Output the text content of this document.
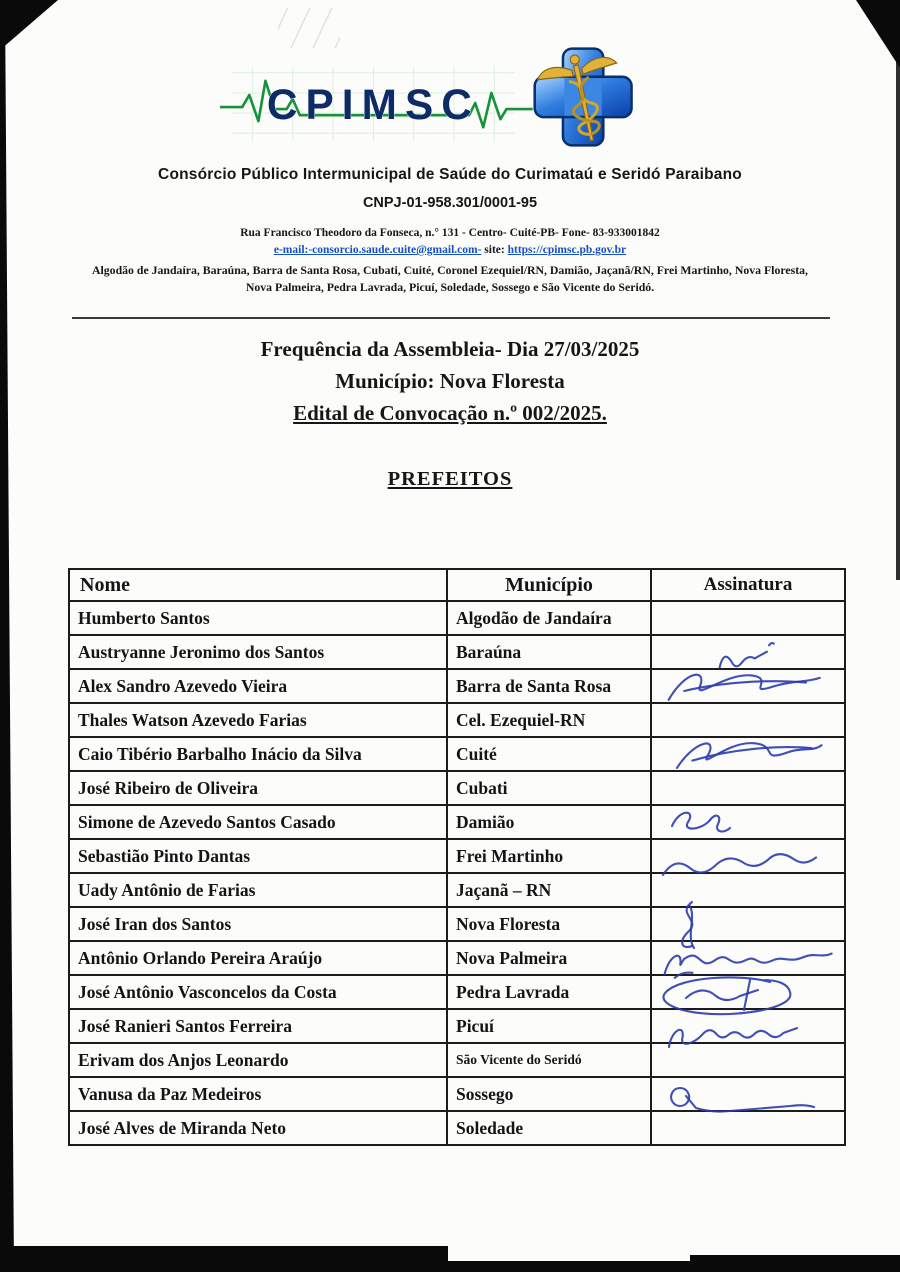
CPIMSC
Consórcio Público Intermunicipal de Saúde do Curimataú e Seridó Paraibano
CNPJ-01-958.301/0001-95
Rua Francisco Theodoro da Fonseca, n.° 131 - Centro- Cuité-PB- Fone- 83-933001842
e-mail:-consorcio.saude.cuite@gmail.com- site: https://cpimsc.pb.gov.br
Algodão de Jandaíra, Baraúna, Barra de Santa Rosa, Cubati, Cuité, Coronel Ezequiel/RN, Damião, Jaçanã/RN, Frei Martinho, Nova Floresta, Nova Palmeira, Pedra Lavrada, Picuí, Soledade, Sossego e São Vicente do Seridó.
Frequência da Assembleia- Dia 27/03/2025
Município: Nova Floresta
Edital de Convocação n.º 002/2025.
PREFEITOS
Nome	Município	Assinatura
Humberto Santos	Algodão de Jandaíra	
Austryanne Jeronimo dos Santos	Baraúna	

Alex Sandro Azevedo Vieira	Barra de Santa Rosa	

Thales Watson Azevedo Farias	Cel. Ezequiel-RN	
Caio Tibério Barbalho Inácio da Silva	Cuité	

José Ribeiro de Oliveira	Cubati	
Simone de Azevedo Santos Casado	Damião	

Sebastião Pinto Dantas	Frei Martinho	

Uady Antônio de Farias	Jaçanã – RN	
José Iran dos Santos	Nova Floresta	

Antônio Orlando Pereira Araújo	Nova Palmeira	

José Antônio Vasconcelos da Costa	Pedra Lavrada	

José Ranieri Santos Ferreira	Picuí	

Erivam dos Anjos Leonardo	São Vicente do Seridó	
Vanusa da Paz Medeiros	Sossego	

José Alves de Miranda Neto	Soledade	
